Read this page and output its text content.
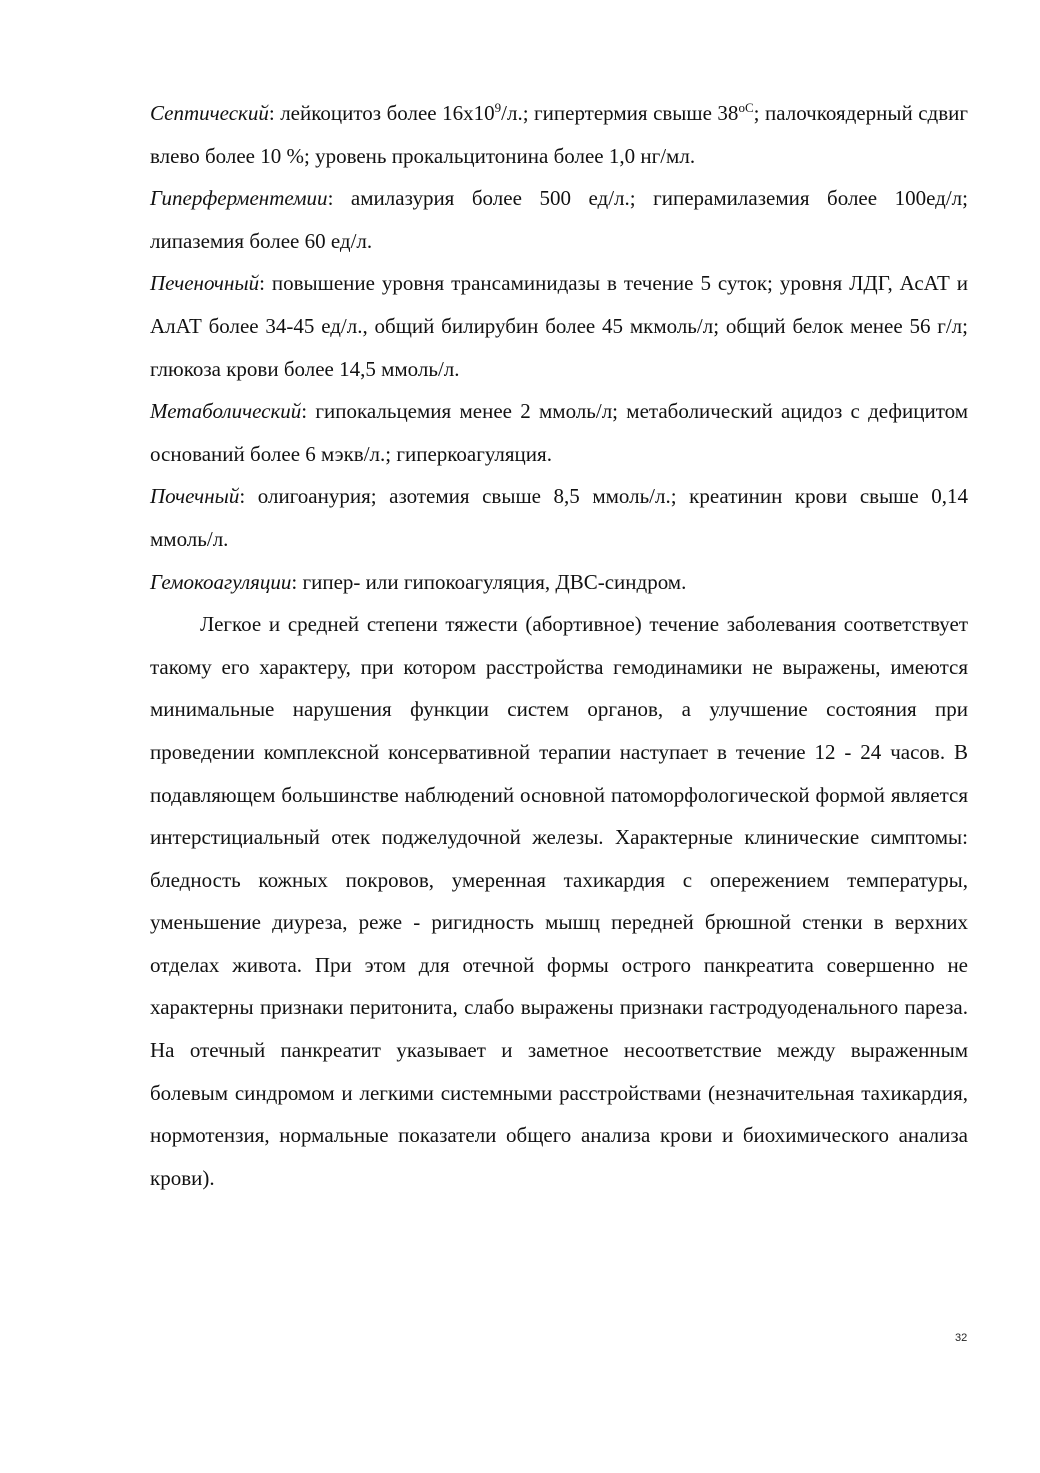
Септический: лейкоцитоз более $16х10^9/л$.; гипертермия свыше $38^{oC}$; палочкоядерный сдвиг влево более 10 %; уровень прокальцитонина более 1,0 нг/мл.

Гиперферментемии: амилазурия более 500 ед/л.; гиперамилаземия более 100ед/л; липаземия более 60 ед/л.

Печеночный: повышение уровня трансаминидазы в течение 5 суток; уровня ЛДГ, АсАТ и АлАТ более 34-45 ед/л., общий билирубин более 45 мкмоль/л; общий белок менее 56 г/л; глюкоза крови более 14,5 ммоль/л.

Метаболический: гипокальцемия менее 2 ммоль/л; метаболический ацидоз с дефицитом оснований более 6 мэкв/л.; гиперкоагуляция.

Почечный: олигоанурия; азотемия свыше 8,5 ммоль/л.; креатинин крови свыше 0,14 ммоль/л.

Гемокоагуляции: гипер- или гипокоагуляция, ДВС-синдром.

Легкое и средней степени тяжести (абортивное) течение заболевания соответствует такому его характеру, при котором расстройства гемодинамики не выражены, имеются минимальные нарушения функции систем органов, а улучшение состояния при проведении комплексной консервативной терапии наступает в течение 12 - 24 часов. В подавляющем большинстве наблюдений основной патоморфологической формой является интерстициальный отек поджелудочной железы. Характерные клинические симптомы: бледность кожных покровов, умеренная тахикардия с опережением температуры, уменьшение диуреза, реже - ригидность мышц передней брюшной стенки в верхних отделах живота. При этом для отечной формы острого панкреатита совершенно не характерны признаки перитонита, слабо выражены признаки гастродуоденального пареза. На отечный панкреатит указывает и заметное несоответствие между выраженным болевым синдромом и легкими системными расстройствами (незначительная тахикардия, нормотензия, нормальные показатели общего анализа крови и биохимического анализа крови).

32
